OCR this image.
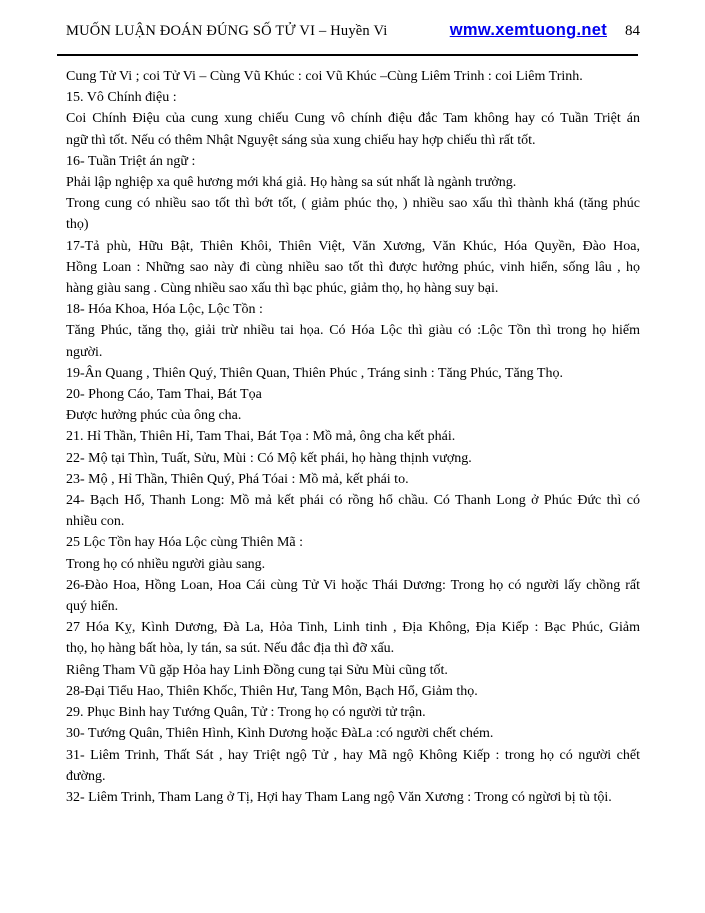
MUỐN LUẬN ĐOÁN ĐÚNG SỐ TỬ VI – Huyền Vi	wmw.xemtuong.net 84
Cung Tử Vi ; coi Tử Vi – Cùng Vũ Khúc : coi Vũ Khúc –Cùng Liêm Trinh : coi Liêm Trinh.
15. Vô Chính điệu :
Coi Chính Điệu của cung xung chiếu Cung vô chính điệu đắc Tam không hay có Tuần Triệt án
ngữ thì tốt. Nếu có thêm Nhật Nguyệt sáng sủa xung chiếu hay hợp chiếu thì rất tốt.
16- Tuần Triệt án ngữ :
Phải lập nghiệp xa quê hương mới khá giả. Họ hàng sa sút nhất là ngành trưởng.
Trong cung có nhiều sao tốt thì bớt tốt, ( giảm phúc thọ, ) nhiều sao xấu thì thành khá (tăng phúc
thọ)
17-Tả phù, Hữu Bật, Thiên Khôi, Thiên Việt, Văn Xương, Văn Khúc, Hóa Quyền, Đào Hoa,
Hồng Loan : Những sao này đi cùng nhiều sao tốt thì được hưởng phúc, vinh hiển, sống lâu , họ
hàng giàu sang . Cùng nhiều sao xấu thì bạc phúc, giảm thọ, họ hàng suy bại.
18- Hóa Khoa, Hóa Lộc, Lộc Tồn :
Tăng Phúc, tăng thọ, giải trừ nhiều tai họa. Có Hóa Lộc thì giàu có :Lộc Tồn thì trong họ hiếm
người.
19-Ân Quang , Thiên Quý, Thiên Quan, Thiên Phúc , Tráng sinh : Tăng Phúc, Tăng Thọ.
20- Phong Cáo, Tam Thai, Bát Tọa
Được hưởng phúc của ông cha.
21. Hỉ Thần, Thiên Hỉ, Tam Thai, Bát Tọa : Mồ mả, ông cha kết phái.
22- Mộ tại Thìn, Tuất, Sửu, Mùi : Có Mộ kết phái, họ hàng thịnh vượng.
23- Mộ , Hỉ Thần, Thiên Quý, Phá Tóai : Mồ mả, kết phái to.
24- Bạch Hổ, Thanh Long: Mồ mả kết phái có rồng hổ chầu. Có Thanh Long ở Phúc Đức thì có
nhiều con.
25 Lộc Tồn hay Hóa Lộc cùng Thiên Mã :
Trong họ có nhiều người giàu sang.
26-Đào Hoa, Hồng Loan, Hoa Cái cùng Tử Vi hoặc Thái Dương: Trong họ có người lấy chồng rất
quý hiển.
27 Hóa Kỵ, Kình Dương, Đà La, Hỏa Tinh, Linh tinh , Địa Không, Địa Kiếp : Bạc Phúc, Giảm
thọ, họ hàng bất hòa, ly tán, sa sút. Nếu đắc địa thì đỡ xấu.
Riêng Tham Vũ gặp Hỏa hay Linh Đồng cung tại Sửu Mùi cũng tốt.
28-Đại Tiểu Hao, Thiên Khốc, Thiên Hư, Tang Môn, Bạch Hổ, Giảm thọ.
29. Phục Binh hay Tướng Quân, Tử : Trong họ có người tử trận.
30- Tướng Quân, Thiên Hình, Kình Dương hoặc ĐàLa :có người chết chém.
31- Liêm Trinh, Thất Sát , hay Triệt ngộ Tử , hay Mã ngộ Không Kiếp : trong họ có người chết
đường.
32- Liêm Trinh, Tham Lang ở Tị, Hợi hay Tham Lang ngộ Văn Xương : Trong có ngừơi bị tù tội.
